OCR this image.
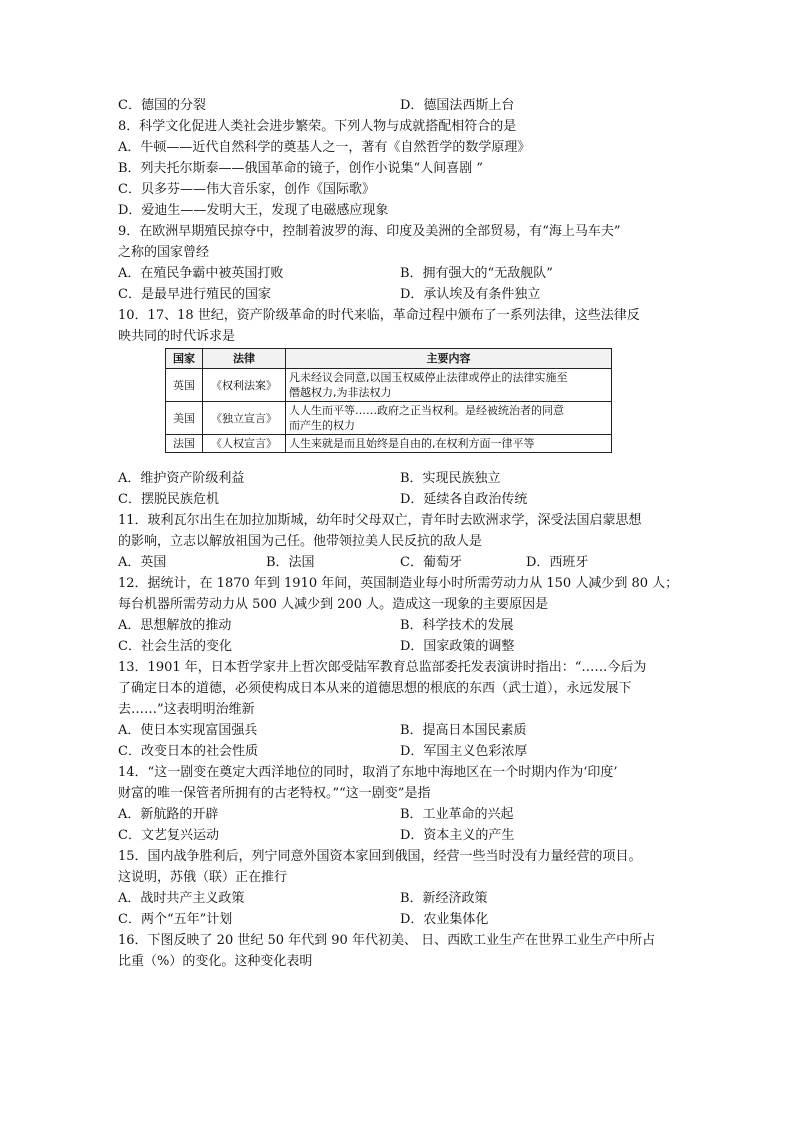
C．德国的分裂	D．德国法西斯上台
8．科学文化促进人类社会进步繁荣。下列人物与成就搭配相符合的是
A．牛顿——近代自然科学的奠基人之一，著有《自然哲学的数学原理》
B．列夫托尔斯泰——俄国革命的镜子，创作小说集“人间喜剧 ”
C．贝多芬——伟大音乐家，创作《国际歌》
D．爱迪生——发明大王，发现了电磁感应现象
9．在欧洲早期殖民掠夺中，控制着波罗的海、印度及美洲的全部贸易，有“海上马车夫”
之称的国家曾经
A．在殖民争霸中被英国打败	B．拥有强大的“无敌舰队”
C．是最早进行殖民的国家	D．承认埃及有条件独立
10．17、18 世纪，资产阶级革命的时代来临，革命过程中颁布了一系列法律，这些法律反
映共同的时代诉求是
国家	法律	主要内容
英国	《权利法案》	凡未经议会同意,以国玉权威停止法律或停止的法律实施至
僭越权力,为非法权力

美国	《独立宣言》	人人生而平等……政府之正当权利。是经被统治者的同意
而产生的权力

法国	《人权宣言》	人生来就是而且始终是自由的,在权利方面一律平等
A．维护资产阶级利益	B．实现民族独立
C．摆脱民族危机	D．延续各自政治传统
11．玻利瓦尔出生在加拉加斯城，幼年时父母双亡，青年时去欧洲求学，深受法国启蒙思想
的影响，立志以解放祖国为己任。他带领拉美人民反抗的敌人是
A．英国	B．法国	C．葡萄牙	D．西班牙
12．据统计，在 1870 年到 1910 年间，英国制造业每小时所需劳动力从 150 人减少到 80 人；
每台机器所需劳动力从 500 人减少到 200 人。造成这一现象的主要原因是
A．思想解放的推动	B．科学技术的发展
C．社会生活的变化	D．国家政策的调整
13．1901 年，日本哲学家井上哲次郎受陆军教育总监部委托发表演讲时指出：“……今后为
了确定日本的道德，必须使构成日本从来的道德思想的根底的东西（武士道），永远发展下
去……”这表明明治维新
A．使日本实现富国强兵	B．提高日本国民素质
C．改变日本的社会性质	D．军国主义色彩浓厚
14．“这一剧变在奠定大西洋地位的同时，取消了东地中海地区在一个时期内作为‘印度’
财富的唯一保管者所拥有的古老特权。”“这一剧变”是指
A．新航路的开辟	B．工业革命的兴起
C．文艺复兴运动	D．资本主义的产生
15．国内战争胜利后，列宁同意外国资本家回到俄国，经营一些当时没有力量经营的项目。
这说明，苏俄（联）正在推行
A．战时共产主义政策	B．新经济政策
C．两个“五年”计划	D．农业集体化
16．下图反映了 20 世纪 50 年代到 90 年代初美、 日、西欧工业生产在世界工业生产中所占
比重（%）的变化。这种变化表明
